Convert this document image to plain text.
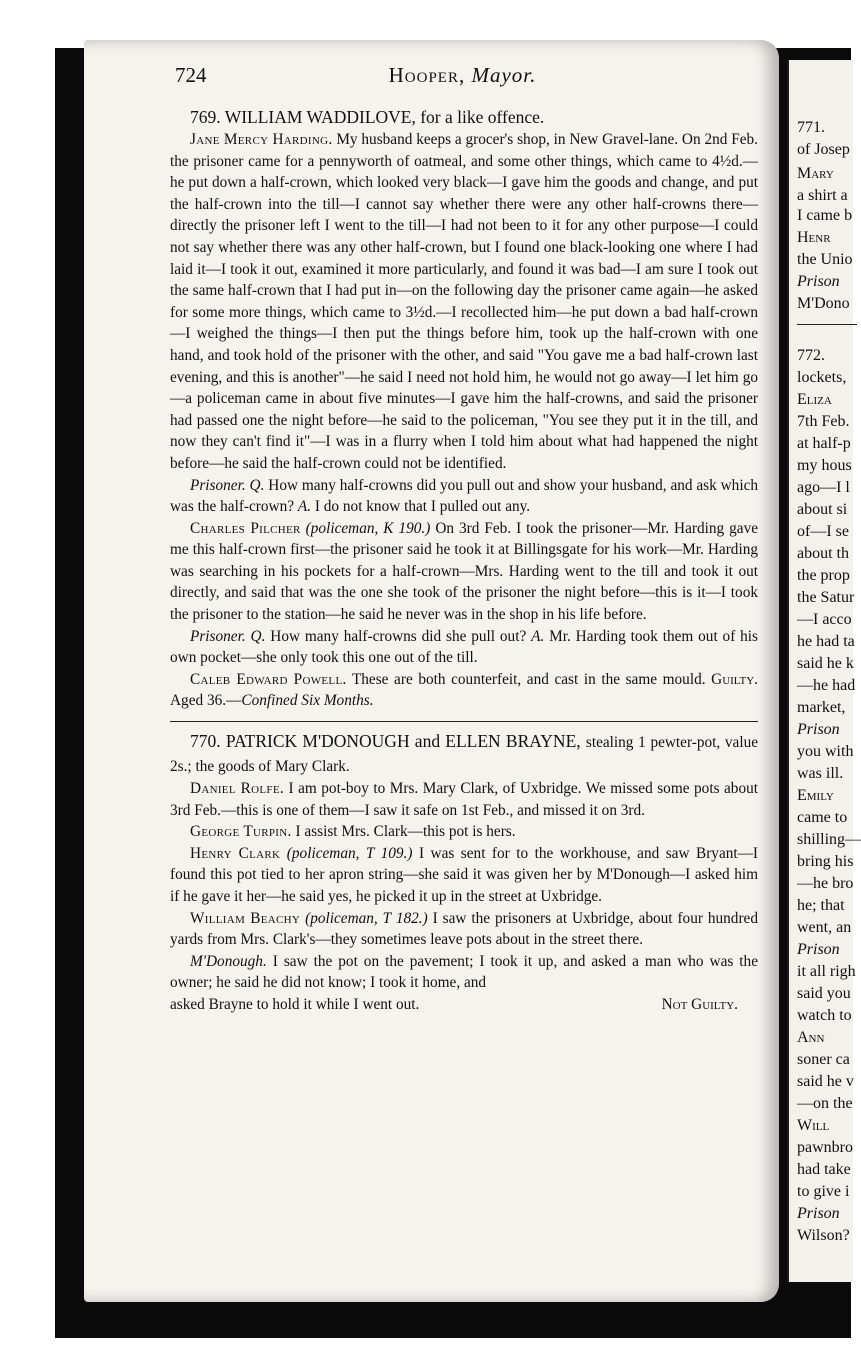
771.
of Josep
Mary
a shirt a
I came b
Henr
the Unio
Prison
M'Dono
772.
lockets,
Eliza
7th Feb.
at half-p
my hous
ago—I l
about si
of—I se
about th
the prop
the Satur
—I acco
he had ta
said he k
—he had
market,
Prison
you with
was ill.
Emily
came to
shilling—
bring his
—he bro
he; that
went, an
Prison
it all righ
said you
watch to
Ann
soner ca
said he v
—on the
Will
pawnbro
had take
to give i
Prison
Wilson?
724	Hooper, Mayor.

769. WILLIAM WADDILOVE, for a like offence.

Jane Mercy Harding. My husband keeps a grocer's shop, in New Gravel-lane. On 2nd Feb. the prisoner came for a pennyworth of oatmeal, and some other things, which came to 4½d.—he put down a half-crown, which looked very black—I gave him the goods and change, and put the half-crown into the till—I cannot say whether there were any other half-crowns there—directly the prisoner left I went to the till—I had not been to it for any other purpose—I could not say whether there was any other half-crown, but I found one black-looking one where I had laid it—I took it out, examined it more particularly, and found it was bad—I am sure I took out the same half-crown that I had put in—on the following day the prisoner came again—he asked for some more things, which came to 3½d.—I recollected him—he put down a bad half-crown—I weighed the things—I then put the things before him, took up the half-crown with one hand, and took hold of the prisoner with the other, and said "You gave me a bad half-crown last evening, and this is another"—he said I need not hold him, he would not go away—I let him go—a policeman came in about five minutes—I gave him the half-crowns, and said the prisoner had passed one the night before—he said to the policeman, "You see they put it in the till, and now they can't find it"—I was in a flurry when I told him about what had happened the night before—he said the half-crown could not be identified.

Prisoner. Q. How many half-crowns did you pull out and show your husband, and ask which was the half-crown? A. I do not know that I pulled out any.

Charles Pilcher (policeman, K 190.) On 3rd Feb. I took the prisoner—Mr. Harding gave me this half-crown first—the prisoner said he took it at Billingsgate for his work—Mr. Harding was searching in his pockets for a half-crown—Mrs. Harding went to the till and took it out directly, and said that was the one she took of the prisoner the night before—this is it—I took the prisoner to the station—he said he never was in the shop in his life before.

Prisoner. Q. How many half-crowns did she pull out? A. Mr. Harding took them out of his own pocket—she only took this one out of the till.

Caleb Edward Powell. These are both counterfeit, and cast in the same mould. Guilty. Aged 36.—Confined Six Months.

770. PATRICK M'DONOUGH and ELLEN BRAYNE, stealing 1 pewter-pot, value 2s.; the goods of Mary Clark.

Daniel Rolfe. I am pot-boy to Mrs. Mary Clark, of Uxbridge. We missed some pots about 3rd Feb.—this is one of them—I saw it safe on 1st Feb., and missed it on 3rd.

George Turpin. I assist Mrs. Clark—this pot is hers.

Henry Clark (policeman, T 109.) I was sent for to the workhouse, and saw Bryant—I found this pot tied to her apron string—she said it was given her by M'Donough—I asked him if he gave it her—he said yes, he picked it up in the street at Uxbridge.

William Beachy (policeman, T 182.) I saw the prisoners at Uxbridge, about four hundred yards from Mrs. Clark's—they sometimes leave pots about in the street there.

M'Donough. I saw the pot on the pavement; I took it up, and asked a man who was the owner; he said he did not know; I took it home, and

asked Brayne to hold it while I went out.	Not Guilty.
